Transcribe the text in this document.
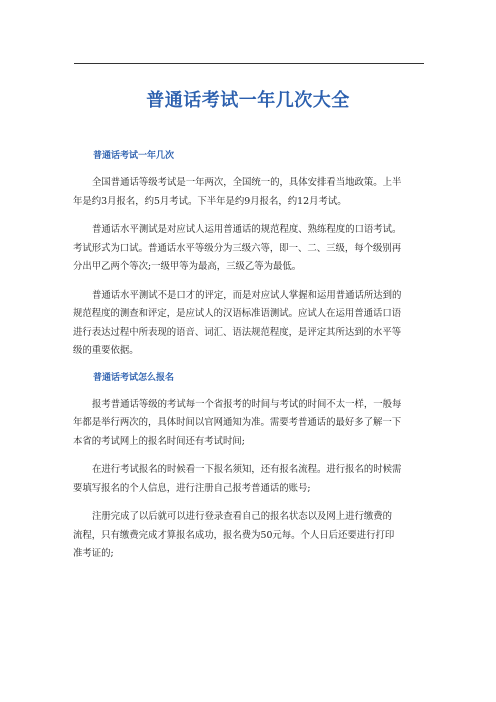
普通话考试一年几次大全
普通话考试一年几次

全国普通话等级考试是一年两次，全国统一的，具体安排看当地政策。上半
年是约3月报名，约5月考试。下半年是约9月报名，约12月考试。

普通话水平测试是对应试人运用普通话的规范程度、熟练程度的口语考试。
考试形式为口试。普通话水平等级分为三级六等，即一、二、三级，每个级别再
分出甲乙两个等次;一级甲等为最高，三级乙等为最低。

普通话水平测试不是口才的评定，而是对应试人掌握和运用普通话所达到的
规范程度的测查和评定，是应试人的汉语标准语测试。应试人在运用普通话口语
进行表达过程中所表现的语音、词汇、语法规范程度，是评定其所达到的水平等
级的重要依据。

普通话考试怎么报名

报考普通话等级的考试每一个省报考的时间与考试的时间不太一样，一般每
年都是举行两次的，具体时间以官网通知为准。需要考普通话的最好多了解一下
本省的考试网上的报名时间还有考试时间;

在进行考试报名的时候看一下报名须知，还有报名流程。进行报名的时候需
要填写报名的个人信息，进行注册自己报考普通话的账号;

注册完成了以后就可以进行登录查看自己的报名状态以及网上进行缴费的
流程，只有缴费完成才算报名成功，报名费为50元每。个人日后还要进行打印
准考证的;
